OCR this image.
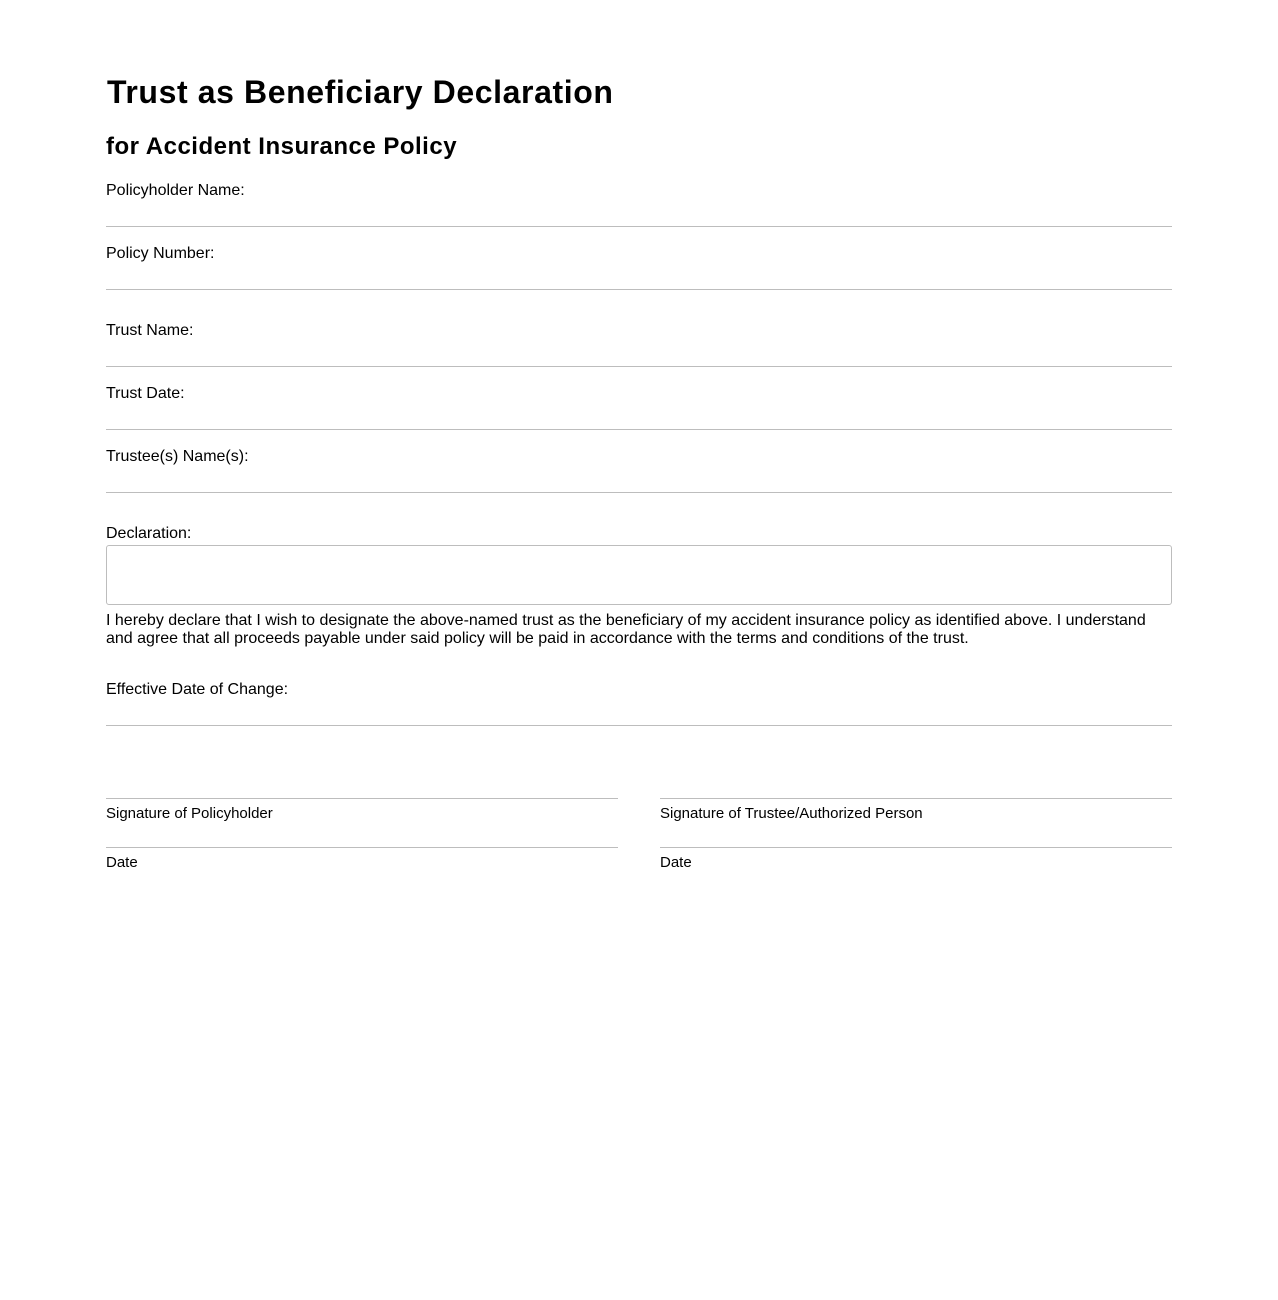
Trust as Beneficiary Declaration
for Accident Insurance Policy
Policyholder Name:
Policy Number:
Trust Name:
Trust Date:
Trustee(s) Name(s):
Declaration:

I hereby declare that I wish to designate the above-named trust as the beneficiary of my accident insurance policy as identified above. I understand and agree that all proceeds payable under said policy will be paid in accordance with the terms and conditions of the trust.

Effective Date of Change:
Signature of Policyholder
Date
Signature of Trustee/Authorized Person
Date
